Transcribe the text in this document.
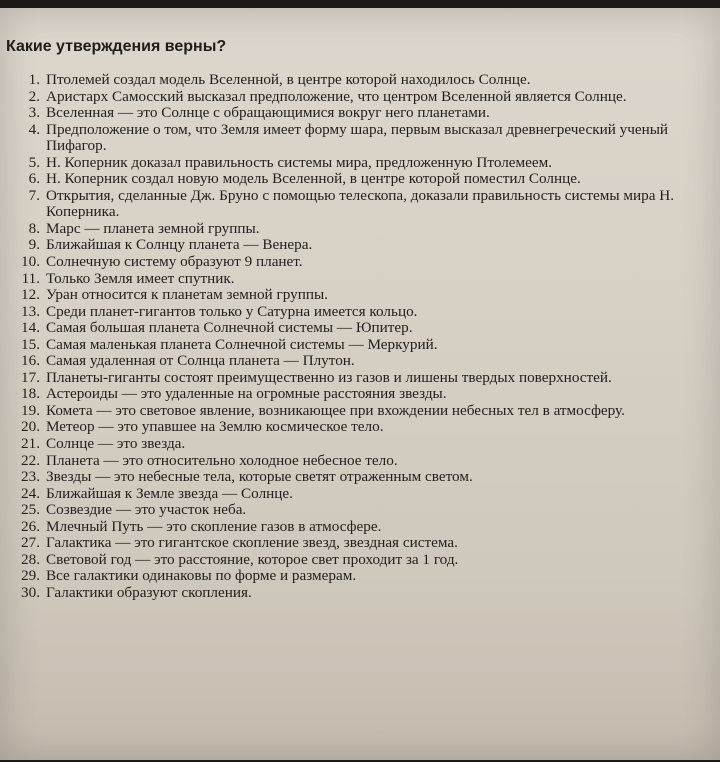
Какие утверждения верны?
1. Птолемей создал модель Вселенной, в центре которой находилось Солнце.
2. Аристарх Самосский высказал предположение, что центром Вселенной является Солнце.
3. Вселенная — это Солнце с обращающимися вокруг него планетами.
4. Предположение о том, что Земля имеет форму шара, первым высказал древнегреческий ученый Пифагор.
5. Н. Коперник доказал правильность системы мира, предложенную Птолемеем.
6. Н. Коперник создал новую модель Вселенной, в центре которой поместил Солнце.
7. Открытия, сделанные Дж. Бруно с помощью телескопа, доказали правильность системы мира Н. Коперника.
8. Марс — планета земной группы.
9. Ближайшая к Солнцу планета — Венера.
10. Солнечную систему образуют 9 планет.
11. Только Земля имеет спутник.
12. Уран относится к планетам земной группы.
13. Среди планет-гигантов только у Сатурна имеется кольцо.
14. Самая большая планета Солнечной системы — Юпитер.
15. Самая маленькая планета Солнечной системы — Меркурий.
16. Самая удаленная от Солнца планета — Плутон.
17. Планеты-гиганты состоят преимущественно из газов и лишены твердых поверхностей.
18. Астероиды — это удаленные на огромные расстояния звезды.
19. Комета — это световое явление, возникающее при вхождении небесных тел в атмосферу.
20. Метеор — это упавшее на Землю космическое тело.
21. Солнце — это звезда.
22. Планета — это относительно холодное небесное тело.
23. Звезды — это небесные тела, которые светят отраженным светом.
24. Ближайшая к Земле звезда — Солнце.
25. Созвездие — это участок неба.
26. Млечный Путь — это скопление газов в атмосфере.
27. Галактика — это гигантское скопление звезд, звездная система.
28. Световой год — это расстояние, которое свет проходит за 1 год.
29. Все галактики одинаковы по форме и размерам.
30. Галактики образуют скопления.
